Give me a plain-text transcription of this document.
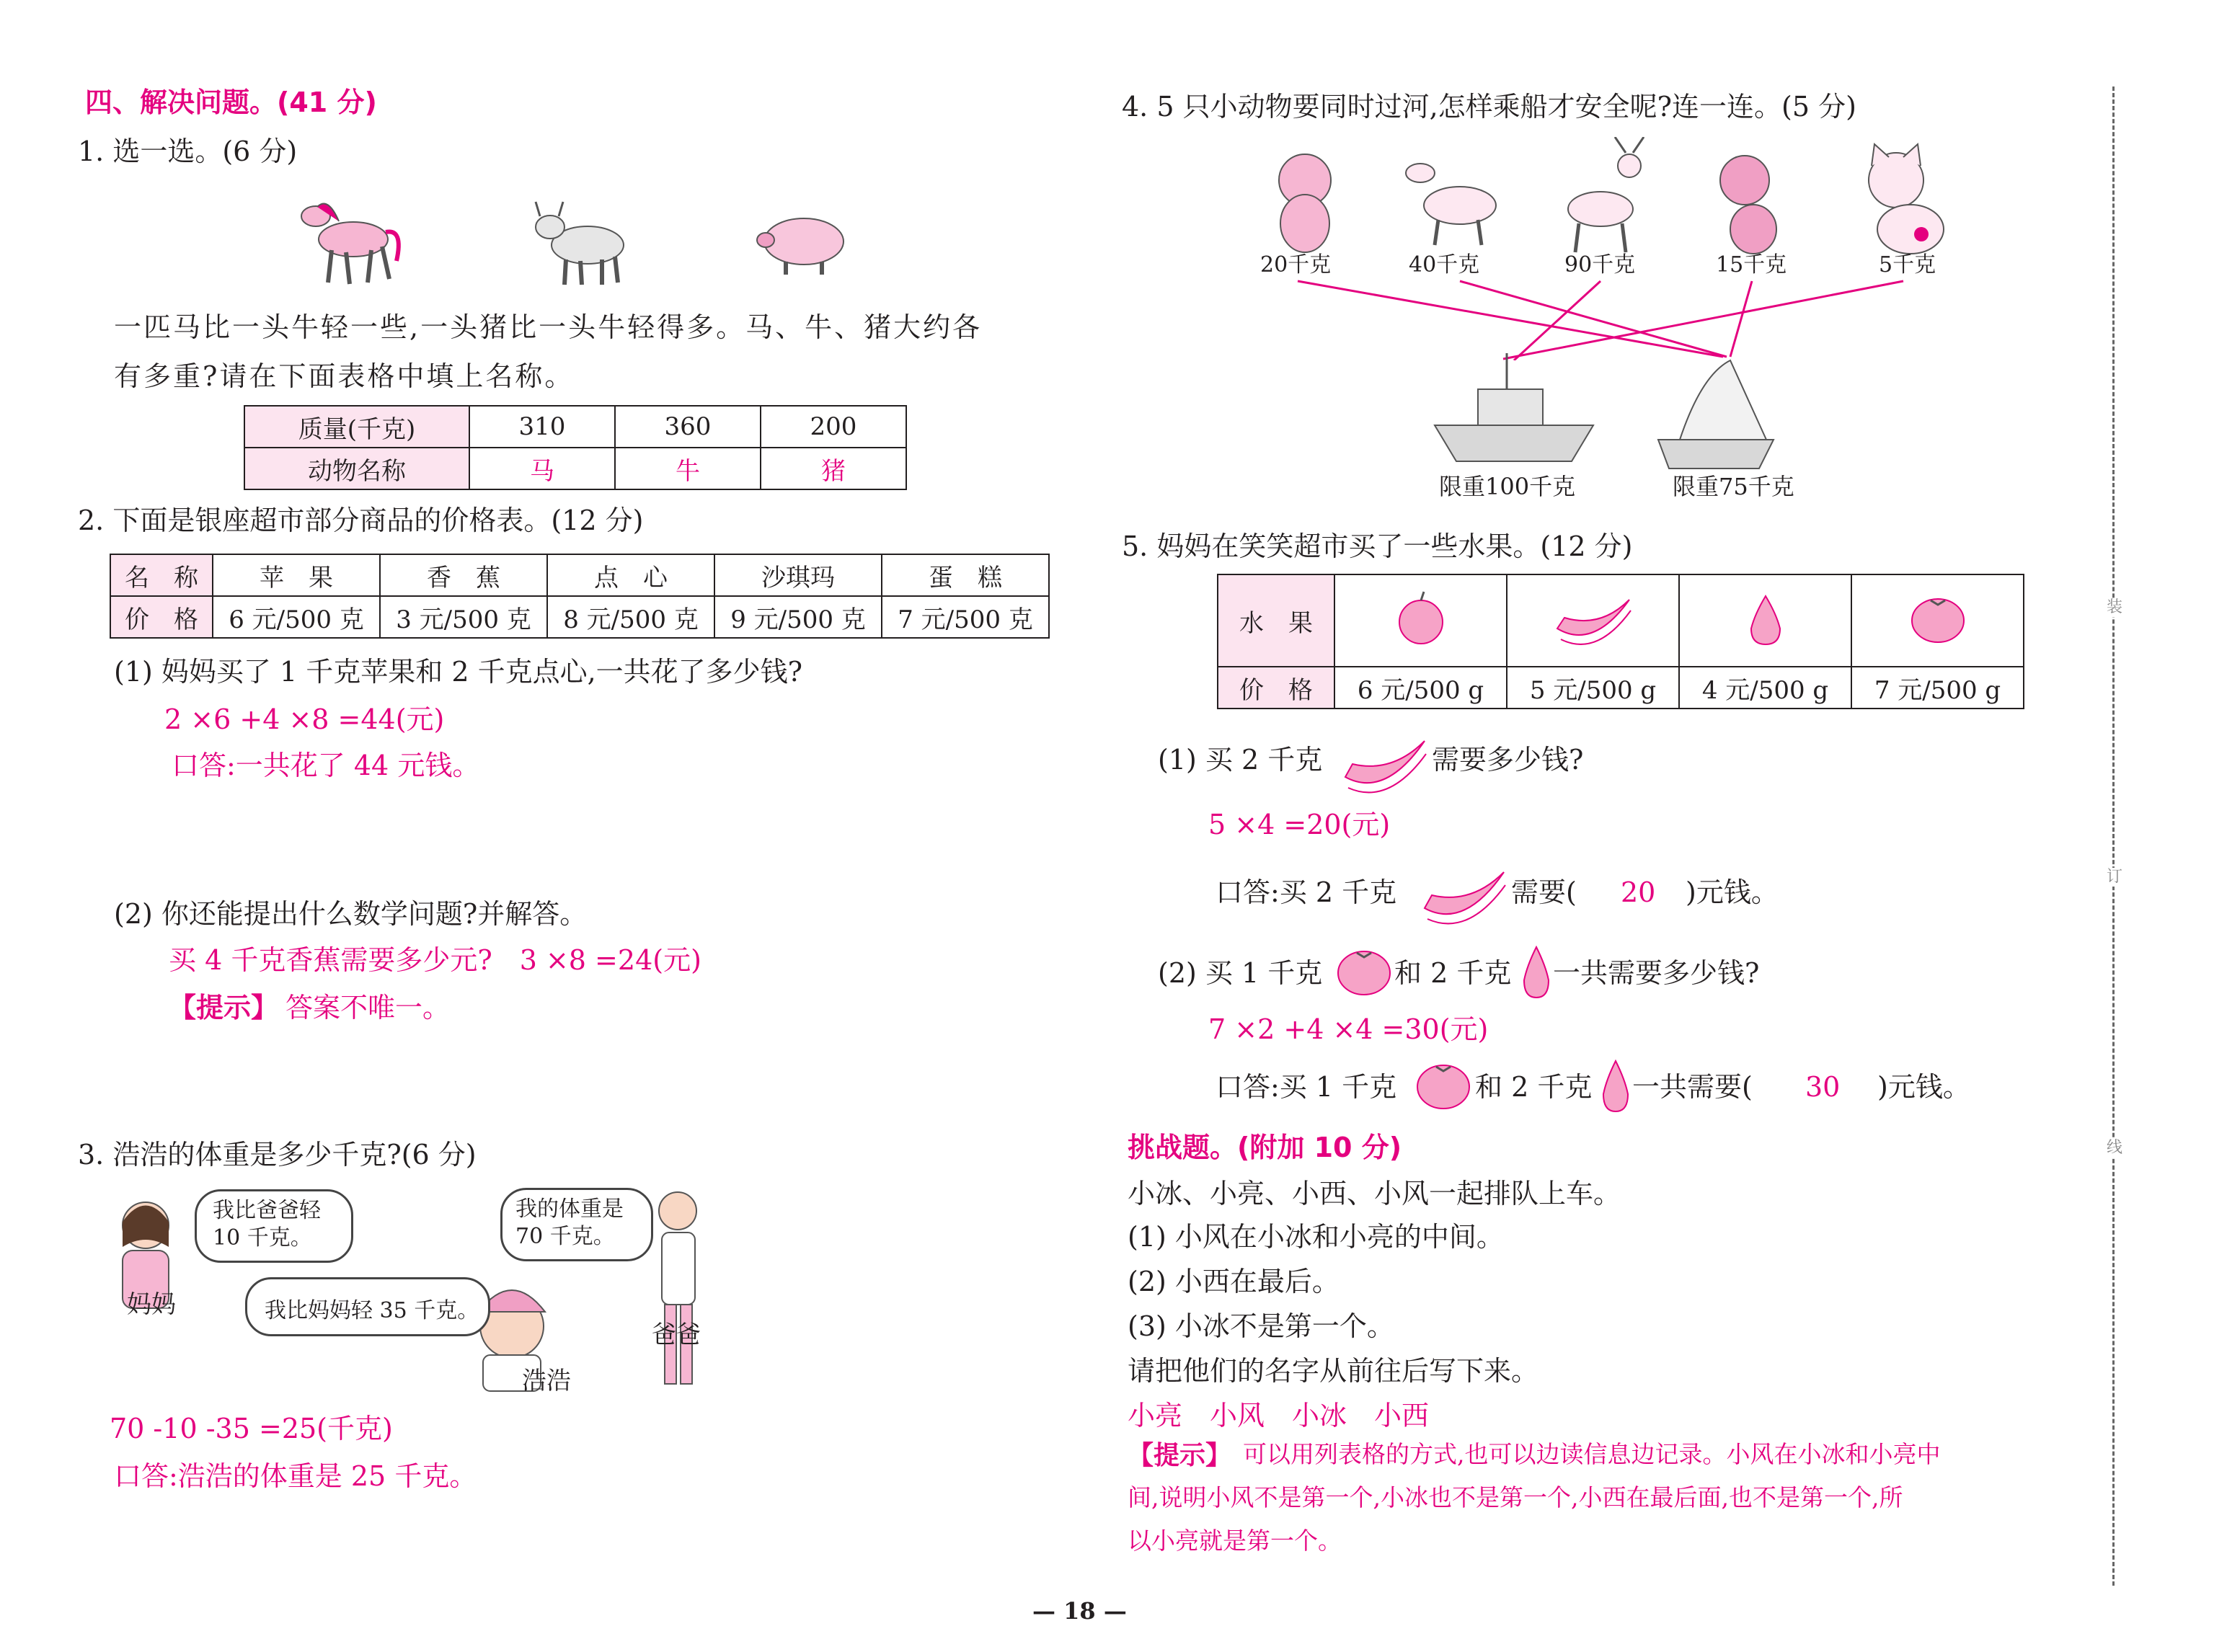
四、解决问题。(41 分)
1. 选一选。(6 分)
一匹马比一头牛轻一些,一头猪比一头牛轻得多。马、牛、猪大约各
有多重?请在下面表格中填上名称。
质量(千克)	310	360	200
动物名称	马	牛	猪
2. 下面是银座超市部分商品的价格表。(12 分)
名　称	苹　果	香　蕉	点　心	沙琪玛	蛋　糕
价　格	6 元/500 克	3 元/500 克	8 元/500 克	9 元/500 克	7 元/500 克
(1) 妈妈买了 1 千克苹果和 2 千克点心,一共花了多少钱?
2 ×6 +4 ×8 =44(元)
口答:一共花了 44 元钱。
(2) 你还能提出什么数学问题?并解答。
买 4 千克香蕉需要多少元?　3 ×8 =24(元)
【提示】 答案不唯一。
3. 浩浩的体重是多少千克?(6 分)
我比爸爸轻10 千克。
我的体重是70 千克。
我比妈妈轻 35 千克。
妈妈
浩浩
爸爸
70 -10 -35 =25(千克)
口答:浩浩的体重是 25 千克。
4. 5 只小动物要同时过河,怎样乘船才安全呢?连一连。(5 分)
20千克	40千克	90千克	15千克	5千克
限重100千克	限重75千克
5. 妈妈在笑笑超市买了一些水果。(12 分)
水　果				
价　格	6 元/500 g	5 元/500 g	4 元/500 g	7 元/500 g
(1) 买 2 千克	需要多少钱?
5 ×4 =20(元)
口答:买 2 千克	需要( 20 )元钱。
(2) 买 1 千克	和 2 千克 一共需要多少钱?
7 ×2 +4 ×4 =30(元)
口答:买 1 千克	和 2 千克 一共需要( 30 )元钱。
挑战题。(附加 10 分)
小冰、小亮、小西、小风一起排队上车。
(1) 小风在小冰和小亮的中间。
(2) 小西在最后。
(3) 小冰不是第一个。
请把他们的名字从前往后写下来。
小亮　小风　小冰　小西
【提示】 可以用列表格的方式,也可以边读信息边记录。小风在小冰和小亮中
间,说明小风不是第一个,小冰也不是第一个,小西在最后面,也不是第一个,所
以小亮就是第一个。
装
订
线
— 18 —
